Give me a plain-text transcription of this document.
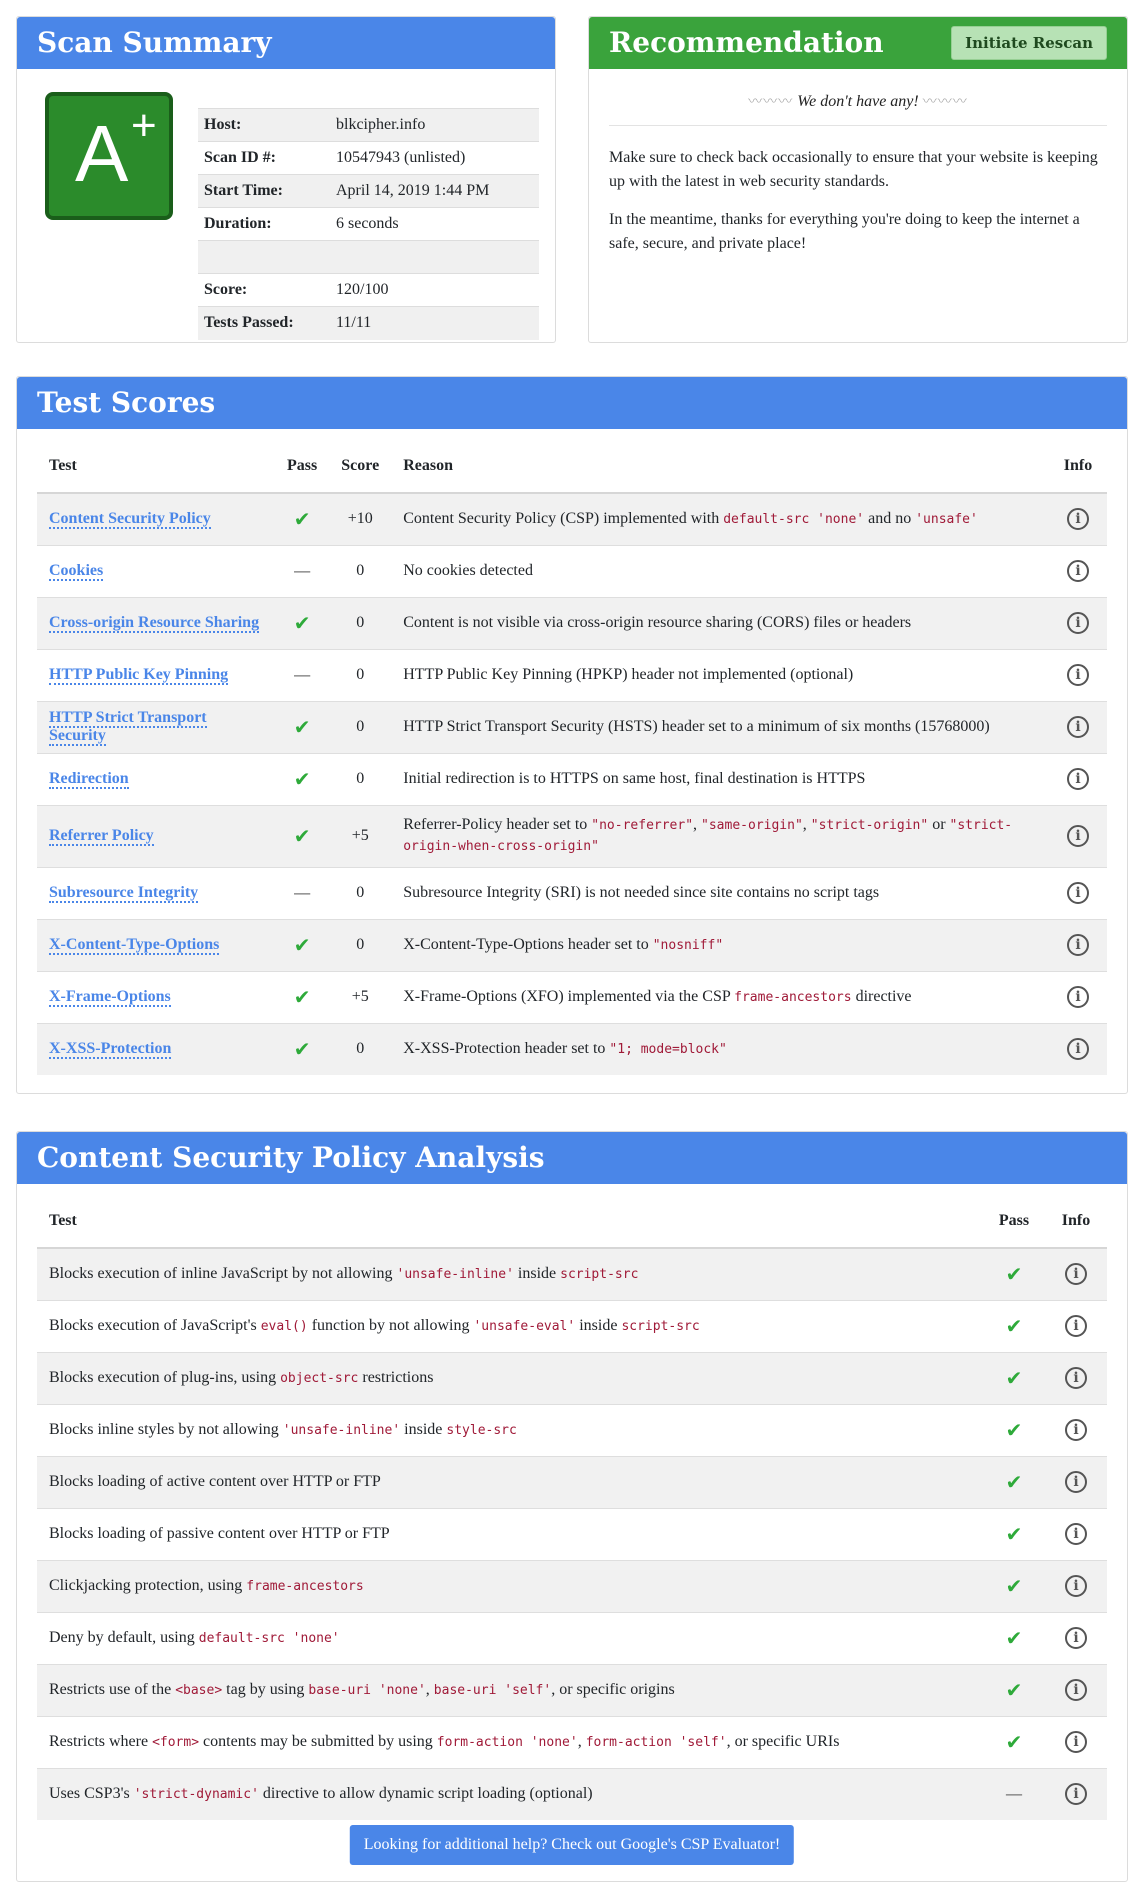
Scan Summary
A +	Host:	blkcipher.info
Scan ID #:	10547943 (unlisted)
Start Time:	April 14, 2019 1:44 PM
Duration:	6 seconds

Score:	120/100
Tests Passed:	11/11
Recommendation	Initiate Rescan
〰〰〰 We don't have any! 〰〰〰

Make sure to check back occasionally to ensure that your website is keeping up with the latest in web security standards.

In the meantime, thanks for everything you're doing to keep the internet a safe, secure, and private place!

Test Scores
Test	Pass	Score	Reason	Info
Content Security Policy	✔	+10	Content Security Policy (CSP) implemented with default-src 'none' and no 'unsafe'	i
Cookies	—	0	No cookies detected	i
Cross-origin Resource Sharing	✔	0	Content is not visible via cross-origin resource sharing (CORS) files or headers	i
HTTP Public Key Pinning	—	0	HTTP Public Key Pinning (HPKP) header not implemented (optional)	i
HTTP Strict Transport Security	✔	0	HTTP Strict Transport Security (HSTS) header set to a minimum of six months (15768000)	i
Redirection	✔	0	Initial redirection is to HTTPS on same host, final destination is HTTPS	i
Referrer Policy	✔	+5	Referrer-Policy header set to "no-referrer", "same-origin", "strict-origin" or "strict-origin-when-cross-origin"	i
Subresource Integrity	—	0	Subresource Integrity (SRI) is not needed since site contains no script tags	i
X-Content-Type-Options	✔	0	X-Content-Type-Options header set to "nosniff"	i
X-Frame-Options	✔	+5	X-Frame-Options (XFO) implemented via the CSP frame-ancestors directive	i
X-XSS-Protection	✔	0	X-XSS-Protection header set to "1; mode=block"	i
Content Security Policy Analysis
Test	Pass	Info
Blocks execution of inline JavaScript by not allowing 'unsafe-inline' inside script-src	✔	i
Blocks execution of JavaScript's eval() function by not allowing 'unsafe-eval' inside script-src	✔	i
Blocks execution of plug-ins, using object-src restrictions	✔	i
Blocks inline styles by not allowing 'unsafe-inline' inside style-src	✔	i
Blocks loading of active content over HTTP or FTP	✔	i
Blocks loading of passive content over HTTP or FTP	✔	i
Clickjacking protection, using frame-ancestors	✔	i
Deny by default, using default-src 'none'	✔	i
Restricts use of the <base> tag by using base-uri 'none', base-uri 'self', or specific origins	✔	i
Restricts where <form> contents may be submitted by using form-action 'none', form-action 'self', or specific URIs	✔	i
Uses CSP3's 'strict-dynamic' directive to allow dynamic script loading (optional)	—	i
Looking for additional help? Check out Google's CSP Evaluator!
